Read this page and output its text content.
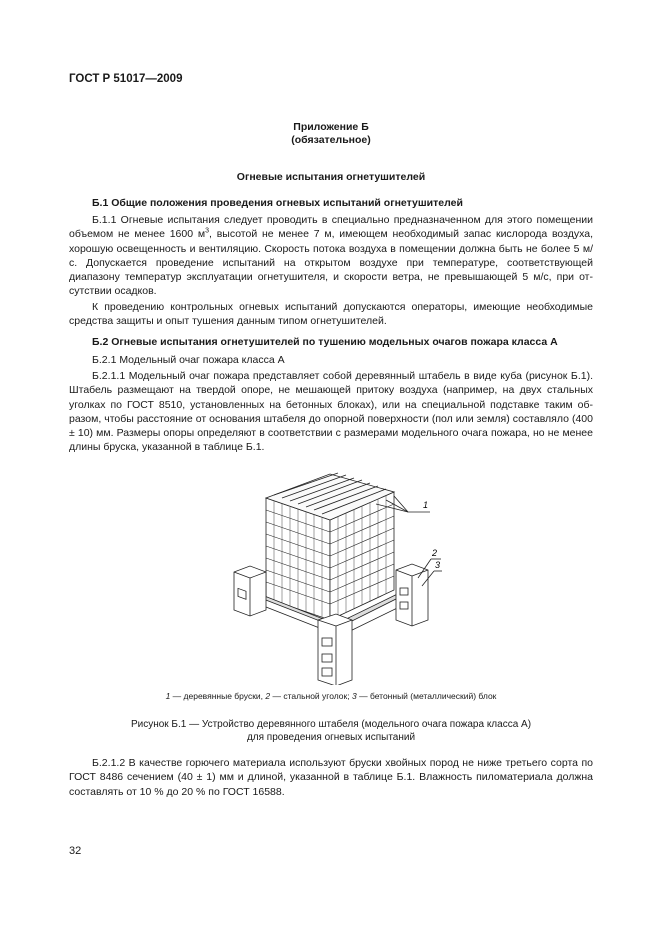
ГОСТ Р 51017—2009
Приложение Б
(обязательное)
Огневые испытания огнетушителей
Б.1 Общие положения проведения огневых испытаний огнетушителей

Б.1.1 Огневые испытания следует проводить в специально предназначенном для этого помещении объемом не менее 1600 $м^3$, высотой не менее 7 м, имеющем необходимый запас кислорода воздуха, хорошую освещенность и вентиляцию. Скорость потока воздуха в помещении должна быть не более 5 м/с. Допускается проведение испытаний на открытом воздухе при температуре, соответствующей диапазону температур эксплуатации огнетушителя, и скорости ветра, не превышающей 5 м/с, при отсутствии осадков.

К проведению контрольных огневых испытаний допускаются операторы, имеющие необходимые средства защиты и опыт тушения данным типом огнетушителей.

Б.2 Огневые испытания огнетушителей по тушению модельных очагов пожара класса А
Б.2.1 Модельный очаг пожара класса А

Б.2.1.1 Модельный очаг пожара представляет собой деревянный штабель в виде куба (рисунок Б.1). Штабель размещают на твердой опоре, не мешающей притоку воздуха (например, на двух стальных уголках по ГОСТ 8510, установленных на бетонных блоках), или на специальной подставке таким образом, чтобы расстояние от основания штабеля до опорной поверхности (пол или земля) составляло (400 ± 10) мм. Размеры опоры определяют в соответствии с размерами модельного очага пожара, но не менее длины бруска, указанной в таблице Б.1.

1
2
3
1 — деревянные бруски, 2 — стальной уголок; 3 — бетонный (металлический) блок
Рисунок Б.1 — Устройство деревянного штабеля (модельного очага пожара класса А)
для проведения огневых испытаний

Б.2.1.2 В качестве горючего материала используют бруски хвойных пород не ниже третьего сорта по ГОСТ 8486 сечением (40 ± 1) мм и длиной, указанной в таблице Б.1. Влажность пиломатериала должна составлять от 10 % до 20 % по ГОСТ 16588.

32
